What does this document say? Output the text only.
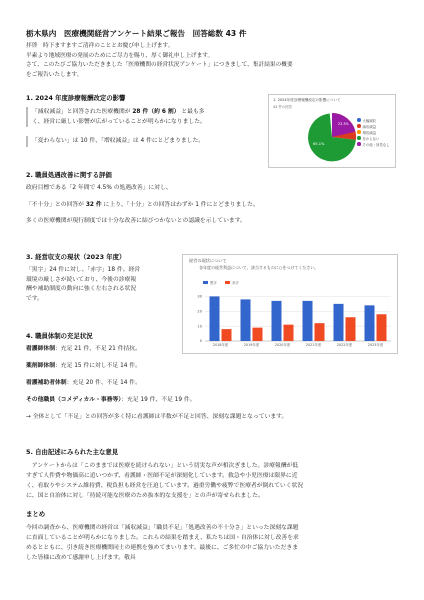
栃木県内　医療機関経営アンケート結果ご報告　回答総数 43 件
拝啓　時下ますますご清祥のこととお慶び申し上げます。
平素より地域医療の発展のためにご尽力を賜り、厚く御礼申し上げます。
さて、このたびご協力いただきました「医療機関の経営状況アンケート」につきまして、集計結果の概要
をご報告いたします。
1. 2024 年度診療報酬改定の影響
「減収減益」と回答された医療機関が 28 件（約 6 割） と最も多
く、経営に厳しい影響が広がっていることが明らかになりました。
「変わらない」は 10 件、「増収減益」は 4 件にとどまりました。
1. 2024年度診療報酬改定の影響について
43 件の回答
65.1%
23.3%
大幅減収
減収減益
増収減益
変わらない
その他・回答なし
2. 職員処遇改善に関する評価
政府目標である「2 年間で 4.5% の処遇改善」に対し、
「不十分」との回答が 32 件 に上り、「十分」との回答はわずか 1 件にとどまりました。
多くの医療機関が現行制度では十分な改善に結びつかないとの認識を示しています。
3. 経営収支の現状（2023 年度）
「黒字」24 件に対し、「赤字」18 件。経営
環境の厳しさが続いており、今後の診療報
酬や補助制度の動向に強く左右される状況
です。
経営の現状について
各年度の経営利益について、該当するものに○をつけてください。
黒字	赤字
0
10
20
30
2018年度	2019年度	2020年度	2021年度	2022年度	2023年度
4. 職員体制の充足状況
看護師体制：充足 21 件、不足 21 件拮抗。
薬剤師体制：充足 15 件に対し不足 14 件。
看護補助者体制：充足 20 件、不足 14 件。
その他職員（コメディカル・事務等）：充足 19 件、不足 19 件。
→ 全体として「不足」との回答が多く特に看護師は半数が不足と回答、深刻な課題となっています。
5. 自由記述にみられた主な意見
　アンケートからは「このままでは医療を続けられない」という切実な声が相次ぎました。診療報酬が低
すぎて人件費や物価高に追いつかず、看護師・医師不足が深刻化しています。救急や小児医療は限界に近
く、看取りやシステム維持費、税負担も経営を圧迫しています。過重労働や疲弊で医療者が倒れていく状況
に、国と自治体に対し「持続可能な医療のため抜本的な支援を」との声が寄せられました。
まとめ
今回の調査から、医療機関の経営は「減収減益」「職員不足」「処遇改善の不十分さ」といった深刻な課題
に直面していることが明らかになりました。これらの結果を踏まえ、私たちは国・自治体に対し改善を求
めるとともに、引き続き医療機関同士の連携を強めてまいります。最後に、ご多忙の中ご協力いただきま
した皆様に改めて感謝申し上げます。敬具
